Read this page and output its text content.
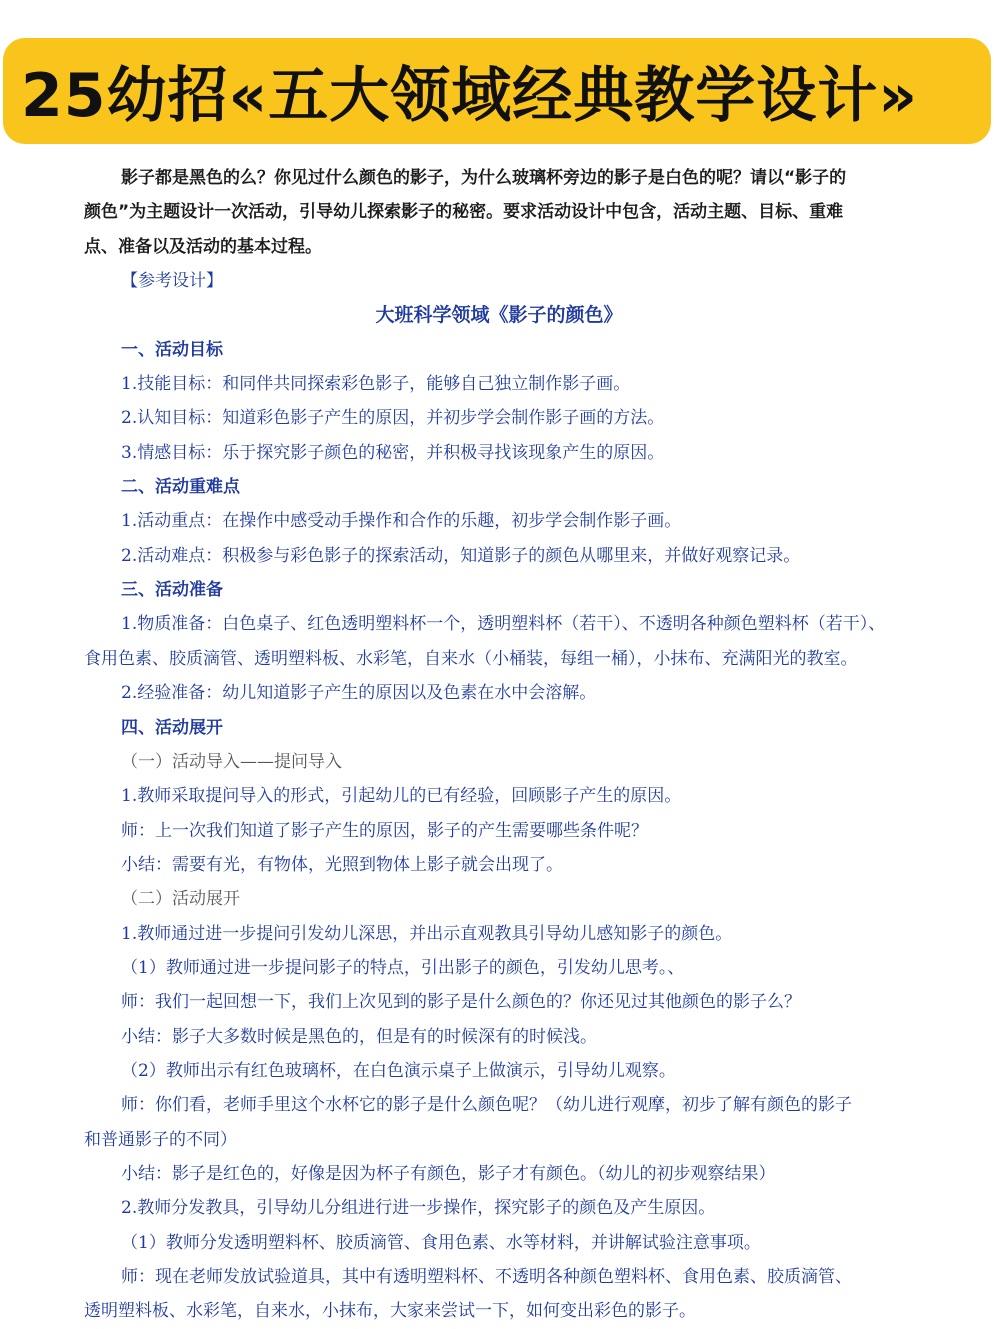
25幼招«五大领域经典教学设计»
影子都是黑色的么？你见过什么颜色的影子，为什么玻璃杯旁边的影子是白色的呢？请以“影子的
颜色”为主题设计一次活动，引导幼儿探索影子的秘密。要求活动设计中包含，活动主题、目标、重难
点、准备以及活动的基本过程。
【参考设计】
大班科学领域《影子的颜色》
一、活动目标
1.技能目标：和同伴共同探索彩色影子，能够自己独立制作影子画。
2.认知目标：知道彩色影子产生的原因，并初步学会制作影子画的方法。
3.情感目标：乐于探究影子颜色的秘密，并积极寻找该现象产生的原因。
二、活动重难点
1.活动重点：在操作中感受动手操作和合作的乐趣，初步学会制作影子画。
2.活动难点：积极参与彩色影子的探索活动，知道影子的颜色从哪里来，并做好观察记录。
三、活动准备
1.物质准备：白色桌子、红色透明塑料杯一个，透明塑料杯（若干）、不透明各种颜色塑料杯（若干）、
食用色素、胶质滴管、透明塑料板、水彩笔，自来水（小桶装，每组一桶），小抹布、充满阳光的教室。
2.经验准备：幼儿知道影子产生的原因以及色素在水中会溶解。
四、活动展开
（一）活动导入——提问导入
1.教师采取提问导入的形式，引起幼儿的已有经验，回顾影子产生的原因。
师：上一次我们知道了影子产生的原因，影子的产生需要哪些条件呢？
小结：需要有光，有物体，光照到物体上影子就会出现了。
（二）活动展开
1.教师通过进一步提问引发幼儿深思，并出示直观教具引导幼儿感知影子的颜色。
（1）教师通过进一步提问影子的特点，引出影子的颜色，引发幼儿思考。、
师：我们一起回想一下，我们上次见到的影子是什么颜色的？你还见过其他颜色的影子么？
小结：影子大多数时候是黑色的，但是有的时候深有的时候浅。
（2）教师出示有红色玻璃杯，在白色演示桌子上做演示，引导幼儿观察。
师：你们看，老师手里这个水杯它的影子是什么颜色呢？（幼儿进行观摩，初步了解有颜色的影子
和普通影子的不同）
小结：影子是红色的，好像是因为杯子有颜色，影子才有颜色。（幼儿的初步观察结果）
2.教师分发教具，引导幼儿分组进行进一步操作，探究影子的颜色及产生原因。
（1）教师分发透明塑料杯、胶质滴管、食用色素、水等材料，并讲解试验注意事项。
师：现在老师发放试验道具，其中有透明塑料杯、不透明各种颜色塑料杯、食用色素、胶质滴管、
透明塑料板、水彩笔，自来水，小抹布，大家来尝试一下，如何变出彩色的影子。
